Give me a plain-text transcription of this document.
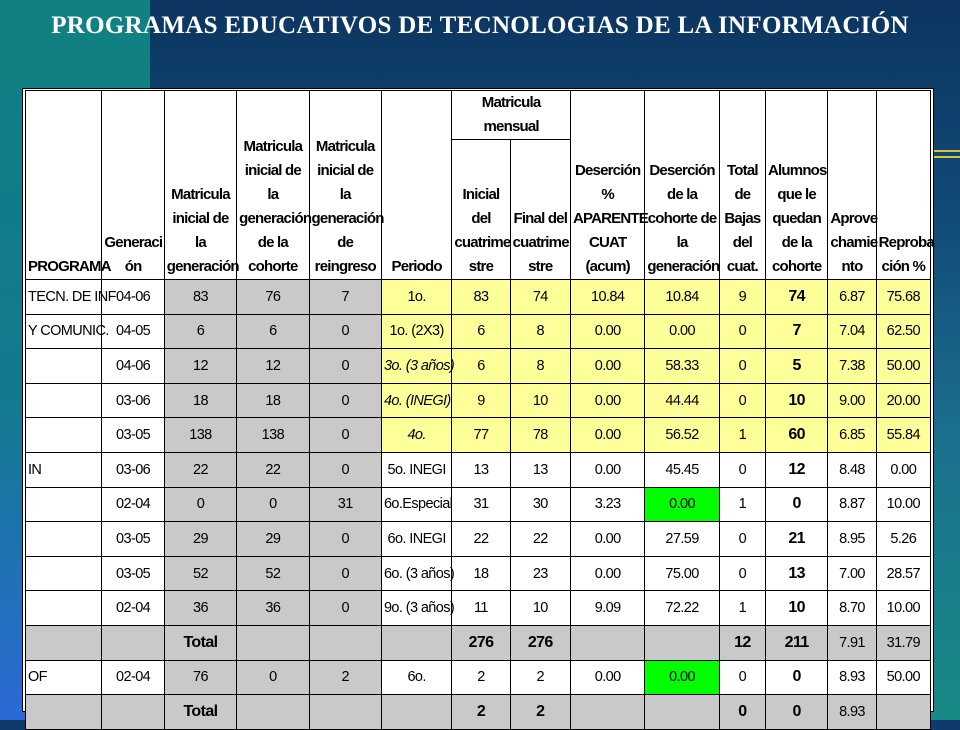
PROGRAMAS EDUCATIVOS DE TECNOLOGIAS DE LA INFORMACIÓN
PROGRAMA	Generaci ón	Matricula inicial de la generación	Matricula inicial de la generación de la cohorte	Matricula inicial de la generación de reingreso	Periodo	Matricula mensual		Deserción % APARENTE CUAT (acum)	Deserción de la cohorte de la generación	Total de Bajas del cuat.	Alumnos que le quedan de la cohorte	Aprove chamie nto	Reproba ción %
						Inicial del cuatrime stre	Final del cuatrime stre						
TECN. DE INF	04-06	83	76	7	1o.	83	74	10.84	10.84	9	74	6.87	75.68
Y COMUNIC.	04-05	6	6	0	1o. (2X3)	6	8	0.00	0.00	0	7	7.04	62.50
	04-06	12	12	0	3o. (3 años)	6	8	0.00	58.33	0	5	7.38	50.00
	03-06	18	18	0	4o. (INEGI)	9	10	0.00	44.44	0	10	9.00	20.00
	03-05	138	138	0	4o.	77	78	0.00	56.52	1	60	6.85	55.84
IN	03-06	22	22	0	5o. INEGI	13	13	0.00	45.45	0	12	8.48	0.00
	02-04	0	0	31	6o.Especial	31	30	3.23	0.00	1	0	8.87	10.00
	03-05	29	29	0	6o. INEGI	22	22	0.00	27.59	0	21	8.95	5.26
	03-05	52	52	0	6o. (3 años)	18	23	0.00	75.00	0	13	7.00	28.57
	02-04	36	36	0	9o. (3 años)	11	10	9.09	72.22	1	10	8.70	10.00
		Total				276	276			12	211	7.91	31.79
OF	02-04	76	0	2	6o.	2	2	0.00	0.00	0	0	8.93	50.00
		Total				2	2			0	0	8.93	
